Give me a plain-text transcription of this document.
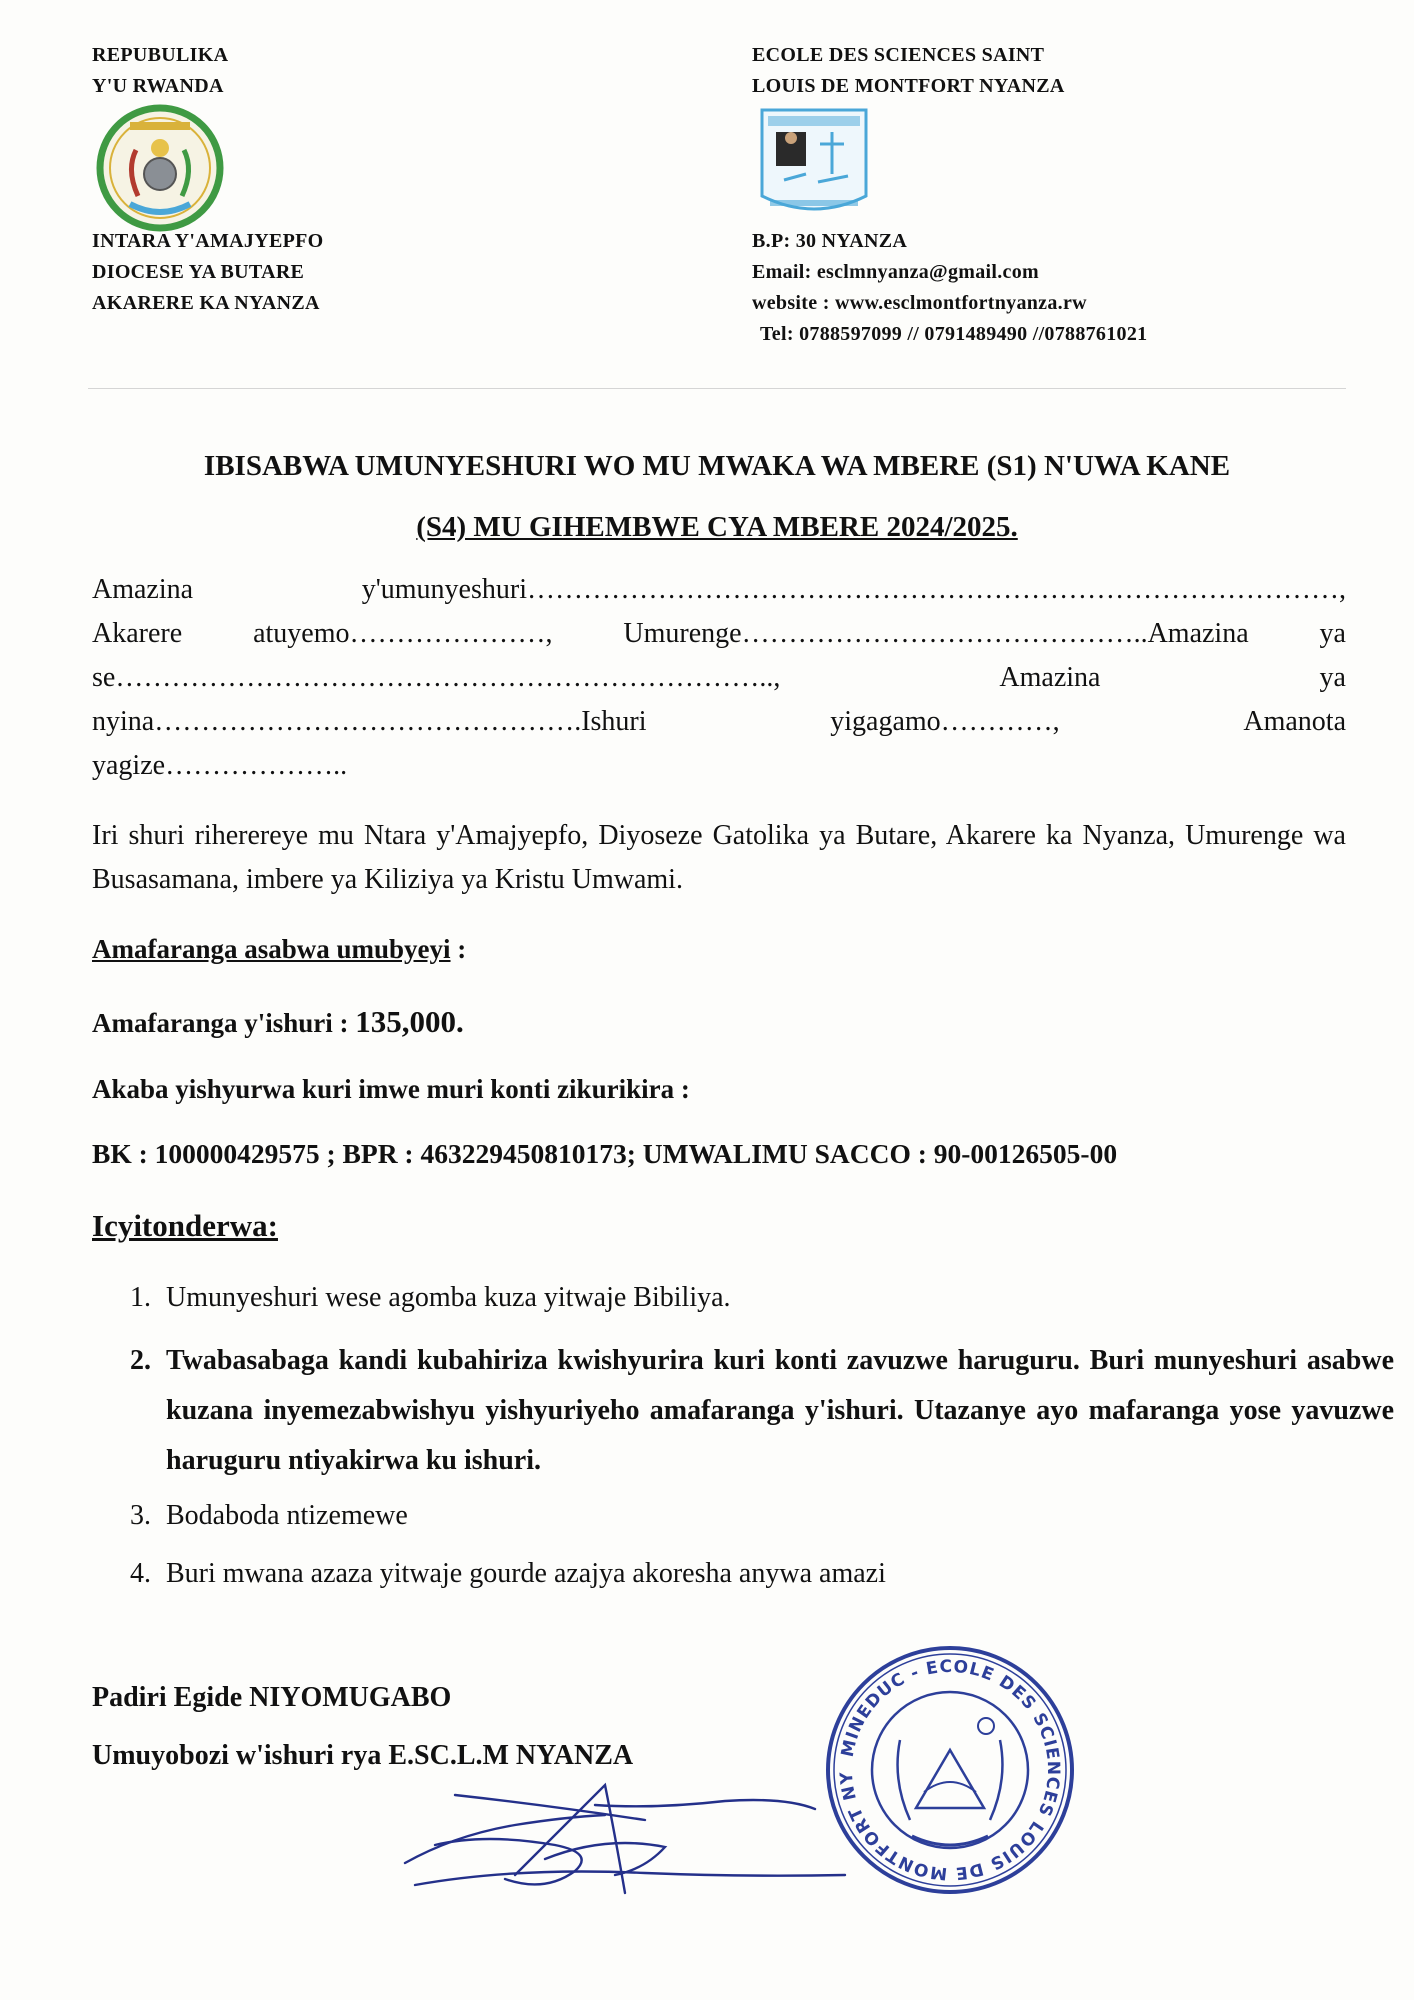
REPUBULIKA
Y'U RWANDA
INTARA Y'AMAJYEPFO
DIOCESE YA BUTARE
AKARERE KA NYANZA
ECOLE DES SCIENCES SAINT
LOUIS DE MONTFORT NYANZA
B.P: 30 NYANZA
Email: esclmnyanza@gmail.com
website : www.esclmontfortnyanza.rw
Tel: 0788597099 // 0791489490 //0788761021
IBISABWA UMUNYESHURI WO MU MWAKA WA MBERE (S1) N'UWA KANE
(S4) MU GIHEMBWE CYA MBERE 2024/2025.
Amazina	y'umunyeshuri……………………………………………………………………………,
Akarere	atuyemo…………………,	Umurenge……………………………………..Amazina	ya
se……………………………………………………………..,	Amazina	ya
nyina……………………………………….Ishuri	yigagamo…………,	Amanota
yagize………………..
Iri shuri riherereye mu Ntara y'Amajyepfo, Diyoseze Gatolika ya Butare, Akarere ka Nyanza, Umurenge wa Busasamana, imbere ya Kiliziya ya Kristu Umwami.
Amafaranga asabwa umubyeyi :
Amafaranga y'ishuri : 135,000.
Akaba yishyurwa kuri imwe muri konti zikurikira :
BK : 100000429575 ; BPR : 463229450810173; UMWALIMU SACCO : 90-00126505-00
Icyitonderwa:
1. Umunyeshuri wese agomba kuza yitwaje Bibiliya.
2. Twabasabaga kandi kubahiriza kwishyurira kuri konti zavuzwe haruguru. Buri munyeshuri asabwe kuzana inyemezabwishyu yishyuriyeho amafaranga y'ishuri. Utazanye ayo mafaranga yose yavuzwe haruguru ntiyakirwa ku ishuri.
3. Bodaboda ntizemewe
4. Buri mwana azaza yitwaje gourde azajya akoresha anywa amazi
Padiri Egide NIYOMUGABO
Umuyobozi w'ishuri rya E.SC.L.M NYANZA	MINEDUC - ECOLE DES SCIENCES LOUIS DE MONTFORT NYANZA
